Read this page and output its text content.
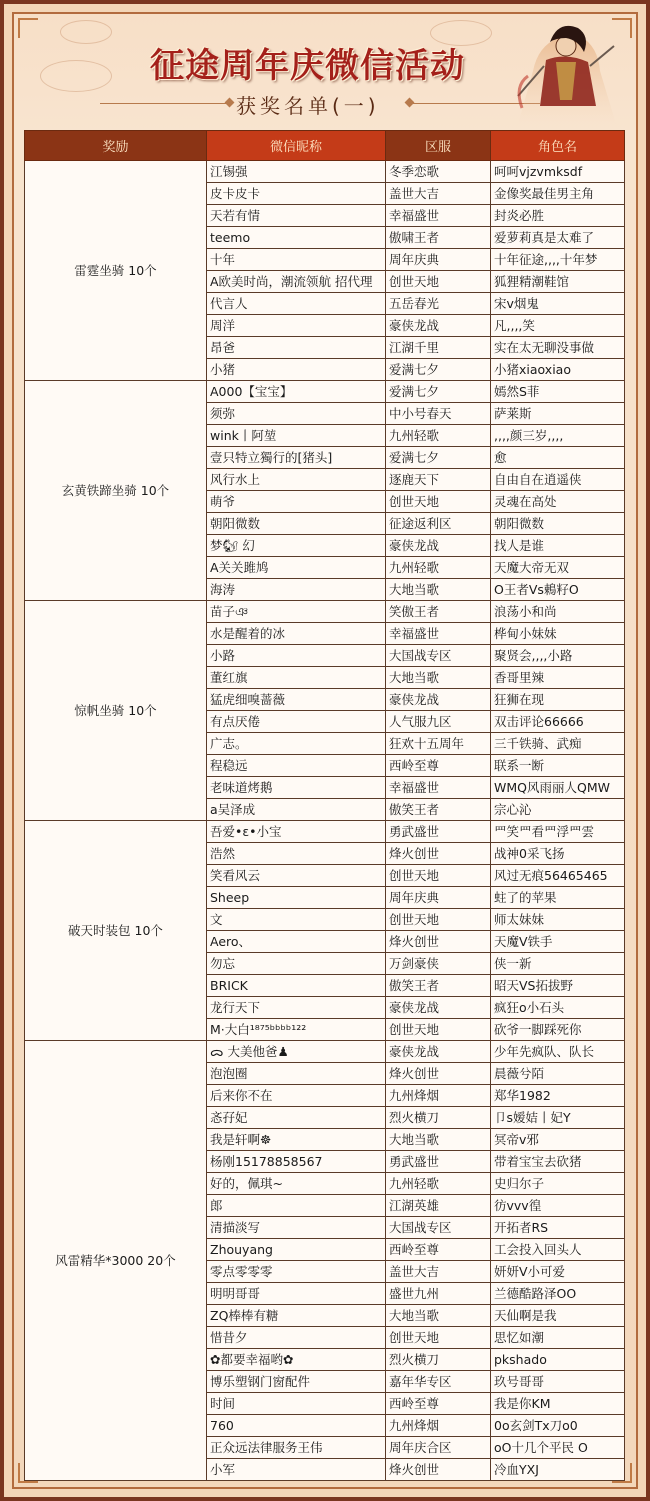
征途周年庆微信活动
获奖名单(一)
奖励	微信昵称	区服	角色名
雷霆坐骑 10个	江锡强	冬季恋歌	呵呵vjzvmksdf
	皮卡皮卡	盖世大吉	金像奖最佳男主角
	天若有情	幸福盛世	封炎必胜
	teemo	傲啸王者	爱萝莉真是太难了
	十年	周年庆典	十年征途,,,,十年梦
	A欧美时尚，潮流领航 招代理	创世天地	狐狸精潮鞋馆
	代言人	五岳春光	宋v烟鬼
	周洋	豪侠龙战	凡,,,,笑
	昂爸	江湖千里	实在太无聊没事做
	小猪	爱满七夕	小猪xiaoxiao
玄黄铁蹄坐骑 10个	A000【宝宝】	爱满七夕	嫣然S菲
	须弥	中小号春天	萨莱斯
	wink丨阿堃	九州轻歌	,,,,颜三岁,,,,
	壹只特立獨行的[猪头]	爱满七夕	愈
	风行水上	逐鹿天下	自由自在逍遥侠
	萌爷	创世天地	灵魂在高处
	朝阳微数	征途返利区	朝阳微数
	梦🐿 幻	豪侠龙战	找人是谁
	A关关雎鸠	九州轻歌	天魔大帝无双
	海涛	大地当歌	O王者Vs鵣籽O
惊帆坐骑 10个	苗子ঞ	笑傲王者	浪荡小和尚
	水是醒着的冰	幸福盛世	桦甸小妹妹
	小路	大国战专区	聚贤会,,,,小路
	董红旗	大地当歌	香哥里辣
	猛虎细嗅蔷薇	豪侠龙战	狂狮在现
	有点厌倦	人气服九区	双击评论66666
	广志。	狂欢十五周年	三千铁骑、武痴
	程稳远	西岭至尊	联系一断
	老味道烤鹅	幸福盛世	WMQ风雨丽人QMW
	a吴泽成	傲笑王者	宗心沁
破天时装包 10个	吾爱•ε•小宝	勇武盛世	罒笑罒看罒浮罒雲
	浩然	烽火创世	战神0采飞扬
	笑看风云	创世天地	风过无痕56465465
	Sheep	周年庆典	蛀了的苹果
	文	创世天地	师太妹妹
	Aero、	烽火创世	天魔V铁手
	勿忘	万剑豪侠	侠一新
	BRICK	傲笑王者	昭天VS拓拔野
	龙行天下	豪侠龙战	疯狂o小石头
	M·大白¹⁸⁷⁵ᵇᵇᵇᵇ¹²²	创世天地	砍爷一脚踩死你
风雷精华*3000 20个	ᯅ 大美他爸♟	豪侠龙战	少年先疯队、队长
	泡泡圈	烽火创世	晨薇兮陌
	后来你不在	九州烽烟	郑华1982
	忞孖妃	烈火横刀	卩s嫒姞丨妃Y
	我是轩啊☸	大地当歌	冥帝v邪
	杨刚15178858567	勇武盛世	带着宝宝去砍猪
	好的，佩琪~	九州轻歌	史归尔子
	郎	江湖英雄	彷vvv徨
	清描淡写	大国战专区	开拓者RS
	Zhouyang	西岭至尊	工会投入回头人
	零点零零零	盖世大吉	妍妍V小可爱
	明明哥哥	盛世九州	兰德酷路泽OO
	ZQ棒棒有糖	大地当歌	天仙啊是我
	惜昔夕	创世天地	思忆如潮
	✿都要幸福哟✿	烈火横刀	pkshado
	博乐塑钢门窗配件	嘉年华专区	玖号哥哥
	时间	西岭至尊	我是你KM
	760	九州烽烟	0o玄剑Tx刀o0
	正众远法律服务王伟	周年庆合区	oO十几个平民 O
	小军	烽火创世	冷血YXJ
